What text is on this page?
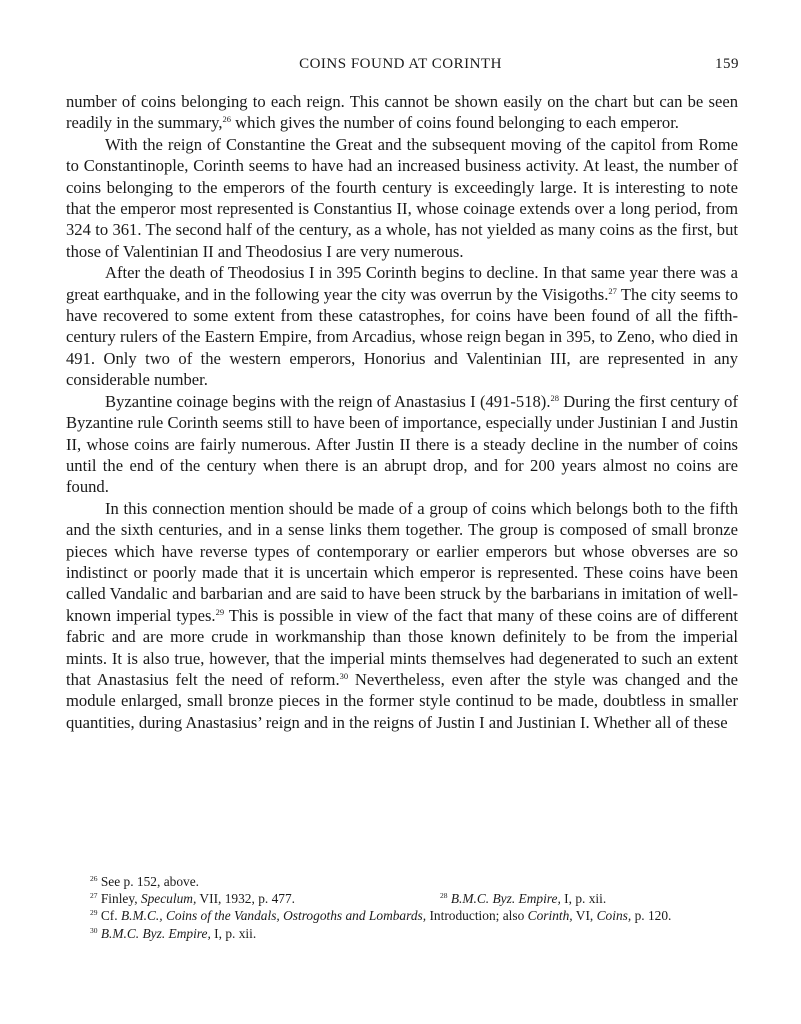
COINS FOUND AT CORINTH	159

number of coins belonging to each reign. This cannot be shown easily on the chart but can be seen readily in the summary,$^{26}$ which gives the number of coins found belonging to each emperor.

With the reign of Constantine the Great and the subsequent moving of the capitol from Rome to Constantinople, Corinth seems to have had an increased business activity. At least, the number of coins belonging to the emperors of the fourth century is exceedingly large. It is interesting to note that the emperor most represented is Constantius II, whose coinage extends over a long period, from 324 to 361. The second half of the century, as a whole, has not yielded as many coins as the first, but those of Valentinian II and Theodosius I are very numerous.

After the death of Theodosius I in 395 Corinth begins to decline. In that same year there was a great earthquake, and in the following year the city was overrun by the Visigoths.$^{27}$ The city seems to have recovered to some extent from these catastrophes, for coins have been found of all the fifth-century rulers of the Eastern Empire, from Arcadius, whose reign began in 395, to Zeno, who died in 491. Only two of the western emperors, Honorius and Valentinian III, are represented in any considerable number.

Byzantine coinage begins with the reign of Anastasius I (491-518).$^{28}$ During the first century of Byzantine rule Corinth seems still to have been of importance, especially under Justinian I and Justin II, whose coins are fairly numerous. After Justin II there is a steady decline in the number of coins until the end of the century when there is an abrupt drop, and for 200 years almost no coins are found.

In this connection mention should be made of a group of coins which belongs both to the fifth and the sixth centuries, and in a sense links them together. The group is composed of small bronze pieces which have reverse types of contemporary or earlier emperors but whose obverses are so indistinct or poorly made that it is uncertain which emperor is represented. These coins have been called Vandalic and barbarian and are said to have been struck by the barbarians in imitation of well-known imperial types.$^{29}$ This is possible in view of the fact that many of these coins are of different fabric and are more crude in workmanship than those known definitely to be from the imperial mints. It is also true, however, that the imperial mints themselves had degenerated to such an extent that Anastasius felt the need of reform.$^{30}$ Nevertheless, even after the style was changed and the module enlarged, small bronze pieces in the former style continud to be made, doubtless in smaller quantities, during Anastasius’ reign and in the reigns of Justin I and Justinian I. Whether all of these

$^{26}$ See p. 152, above.

$^{27}$ Finley, Speculum, VII, 1932, p. 477.	$^{28}$ B.M.C. Byz. Empire, I, p. xii.

$^{29}$ Cf. B.M.C., Coins of the Vandals, Ostrogoths and Lombards, Introduction; also Corinth, VI, Coins, p. 120.

$^{30}$ B.M.C. Byz. Empire, I, p. xii.
